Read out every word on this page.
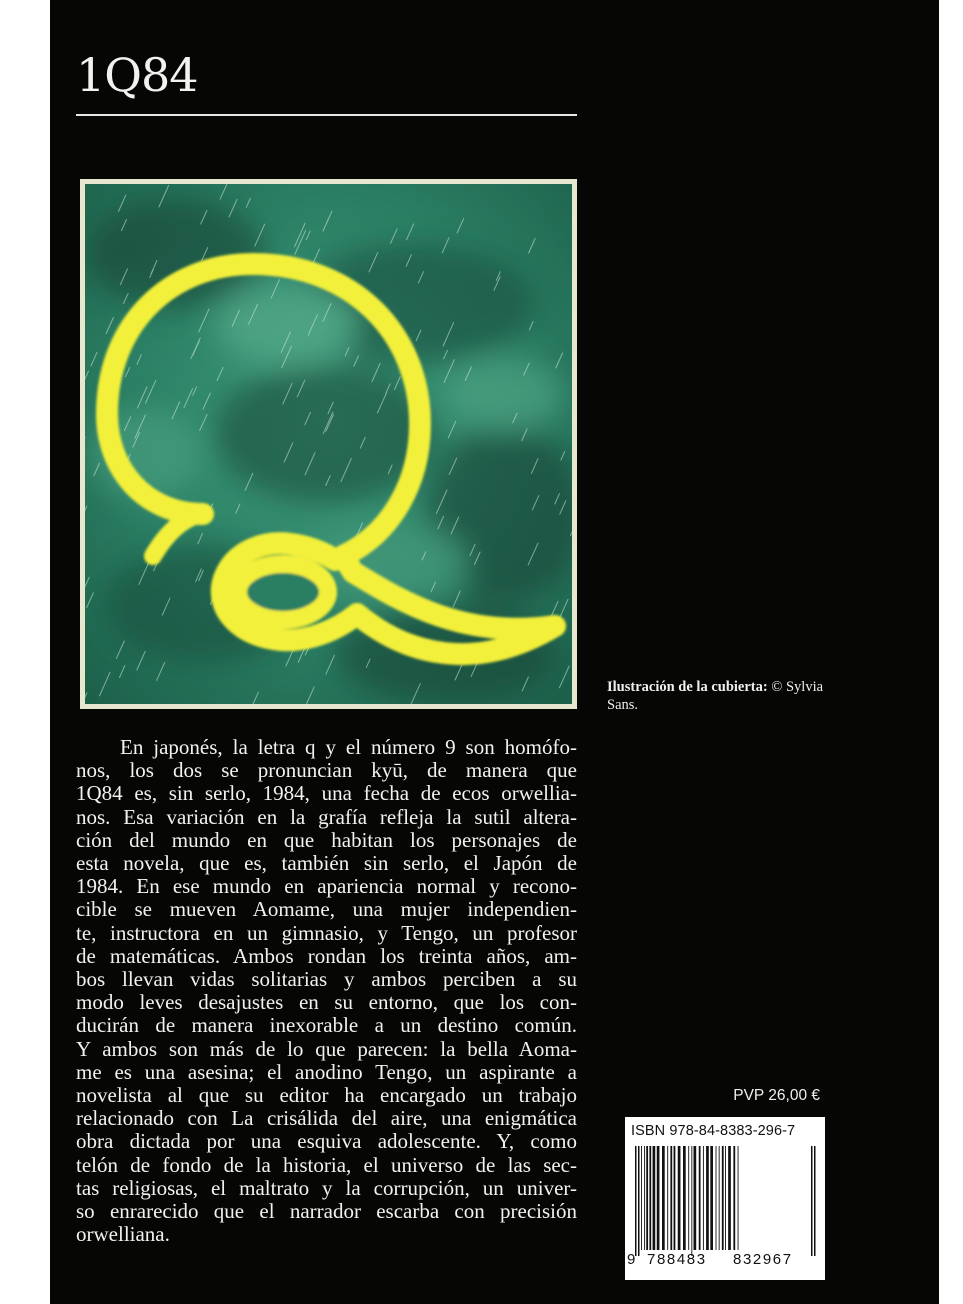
1Q84
Ilustración de la cubierta: © Sylvia Sans.

En japonés, la letra q y el número 9 son homófo-
nos, los dos se pronuncian kyū, de manera que
1Q84 es, sin serlo, 1984, una fecha de ecos orwellia-
nos. Esa variación en la grafía refleja la sutil altera-
ción del mundo en que habitan los personajes de
esta novela, que es, también sin serlo, el Japón de
1984. En ese mundo en apariencia normal y recono-
cible se mueven Aomame, una mujer independien-
te, instructora en un gimnasio, y Tengo, un profesor
de matemáticas. Ambos rondan los treinta años, am-
bos llevan vidas solitarias y ambos perciben a su
modo leves desajustes en su entorno, que los con-
ducirán de manera inexorable a un destino común.
Y ambos son más de lo que parecen: la bella Aoma-
me es una asesina; el anodino Tengo, un aspirante a
novelista al que su editor ha encargado un trabajo
relacionado con La crisálida del aire, una enigmática
obra dictada por una esquiva adolescente. Y, como
telón de fondo de la historia, el universo de las sec-
tas religiosas, el maltrato y la corrupción, un univer-
so enrarecido que el narrador escarba con precisión
orwelliana.

PVP 26,00 €
ISBN 978-84-8383-296-7
9 788483 832967
